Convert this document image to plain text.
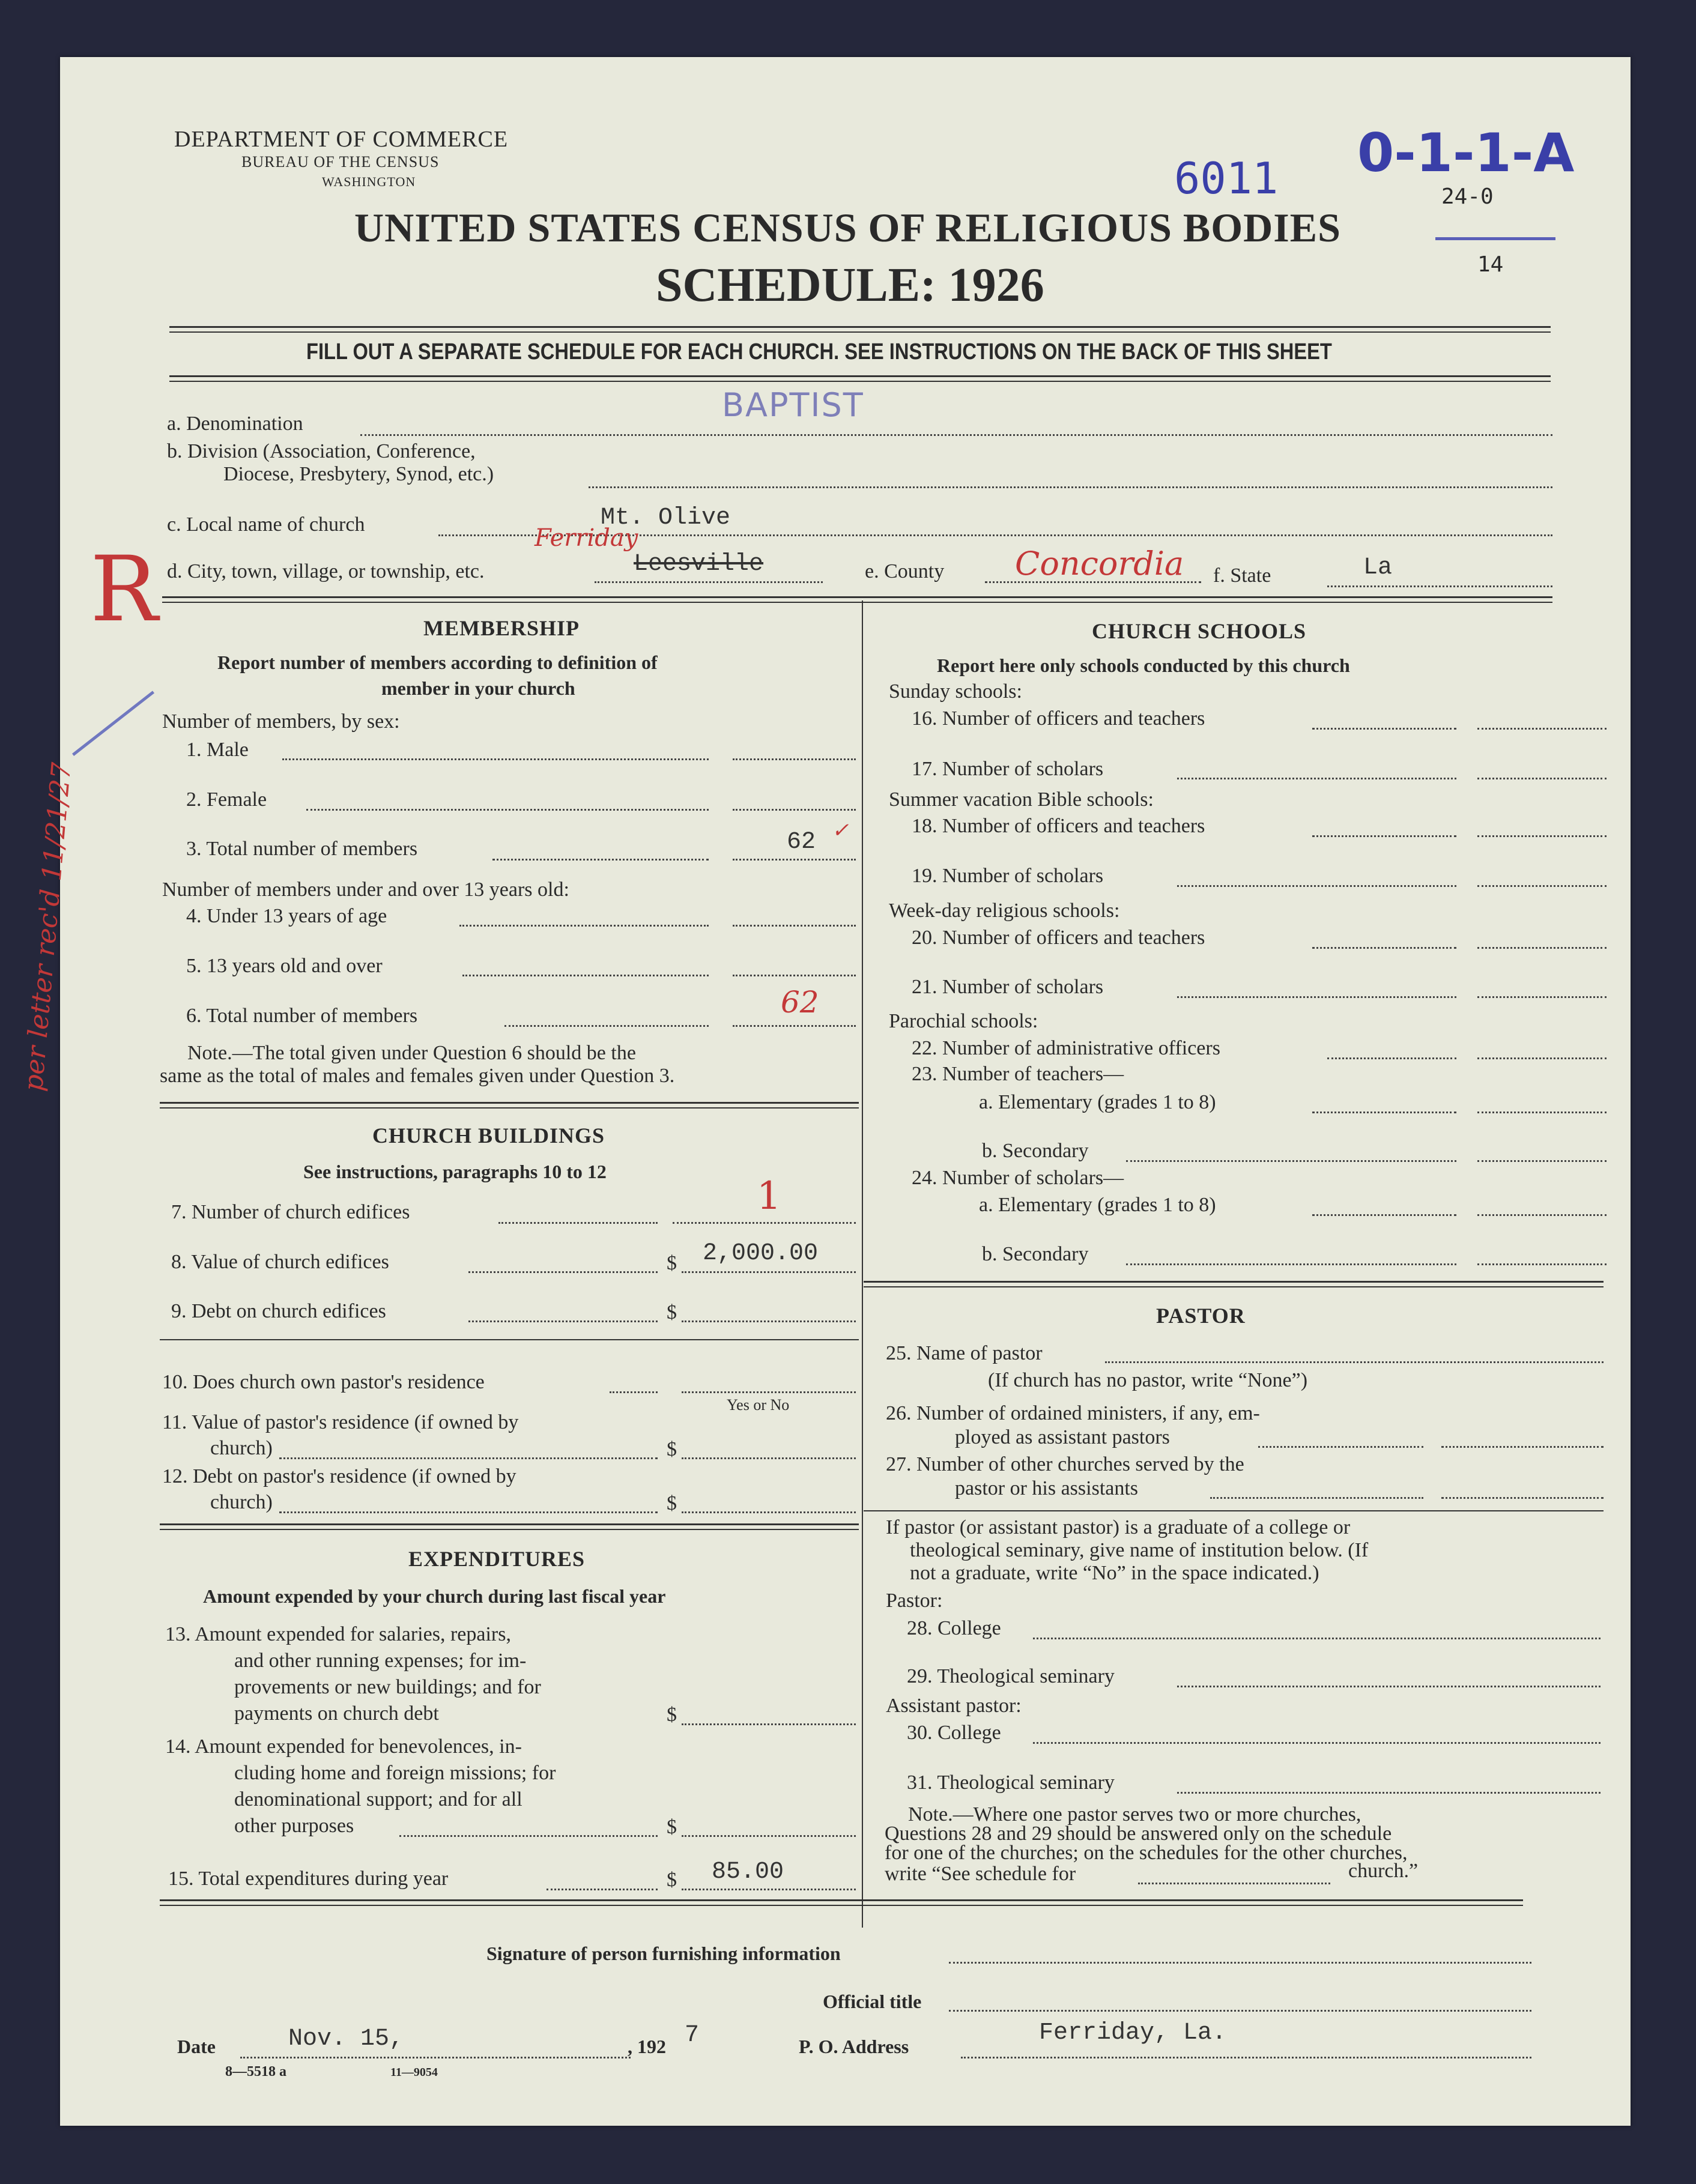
DEPARTMENT OF COMMERCE
BUREAU OF THE CENSUS
WASHINGTON	0-1-1-A
6011	24-0
14
UNITED STATES CENSUS OF RELIGIOUS BODIES
SCHEDULE: 1926
FILL OUT A SEPARATE SCHEDULE FOR EACH CHURCH. SEE INSTRUCTIONS ON THE BACK OF THIS SHEET
a. Denomination	BAPTIST
b. Division (Association, Conference,
Diocese, Presbytery, Synod, etc.)
c. Local name of church	Mt. Olive
Ferriday
d. City, town, village, or township, etc.	Leesville	e. County Concordia f. State	La
R
per letter rec'd 11/21/27
MEMBERSHIP
Report number of members according to definition of
member in your church
Number of members, by sex:
1. Male
2. Female
3. Total number of members	62 ✓
Number of members under and over 13 years old:
4. Under 13 years of age
5. 13 years old and over
6. Total number of members	62
Note.—The total given under Question 6 should be the
same as the total of males and females given under Question 3.
CHURCH BUILDINGS
See instructions, paragraphs 10 to 12
7. Number of church edifices	1
8. Value of church edifices	$ 2,000.00
9. Debt on church edifices	$
10. Does church own pastor's residence
Yes or No
11. Value of pastor's residence (if owned by
church)	$
12. Debt on pastor's residence (if owned by
church)	$
EXPENDITURES
Amount expended by your church during last fiscal year
13. Amount expended for salaries, repairs,
and other running expenses; for im-
provements or new buildings; and for
payments on church debt	$
14. Amount expended for benevolences, in-
cluding home and foreign missions; for
denominational support; and for all
other purposes	$
15. Total expenditures during year	$ 85.00
CHURCH SCHOOLS
Report here only schools conducted by this church
Sunday schools:
16. Number of officers and teachers
17. Number of scholars
Summer vacation Bible schools:
18. Number of officers and teachers
19. Number of scholars
Week-day religious schools:
20. Number of officers and teachers
21. Number of scholars
Parochial schools:
22. Number of administrative officers
23. Number of teachers—
a. Elementary (grades 1 to 8)
b. Secondary
24. Number of scholars—
a. Elementary (grades 1 to 8)
b. Secondary
PASTOR
25. Name of pastor
(If church has no pastor, write “None”)
26. Number of ordained ministers, if any, em-
ployed as assistant pastors
27. Number of other churches served by the
pastor or his assistants
If pastor (or assistant pastor) is a graduate of a college or
theological seminary, give name of institution below. (If
not a graduate, write “No” in the space indicated.)
Pastor:
28. College
29. Theological seminary
Assistant pastor:
30. College
31. Theological seminary
Note.—Where one pastor serves two or more churches,
Questions 28 and 29 should be answered only on the schedule
for one of the churches; on the schedules for the other churches,
write “See schedule for	church.”
Signature of person furnishing information
Official title
Date	Nov. 15,	, 192 7	P. O. Address	Ferriday, La.
8—5518 a	11—9054
